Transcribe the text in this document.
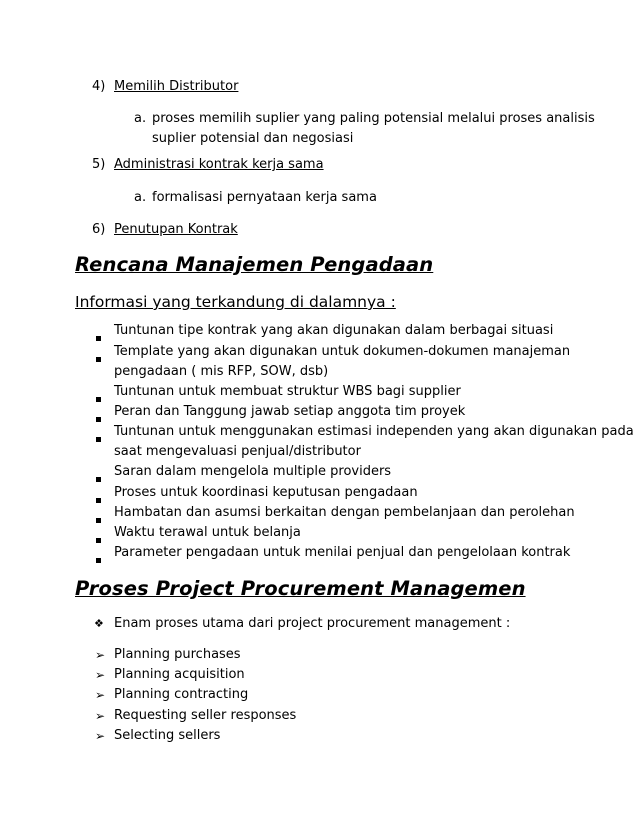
4) Memilih Distributor
a. proses memilih suplier yang paling potensial melalui proses analisis
suplier potensial dan negosiasi
5) Administrasi kontrak kerja sama
a. formalisasi pernyataan kerja sama
6) Penutupan Kontrak
Rencana Manajemen Pengadaan
Informasi yang terkandung di dalamnya :
Tuntunan tipe kontrak yang akan digunakan dalam berbagai situasi
Template yang akan digunakan untuk dokumen-dokumen manajeman
pengadaan ( mis RFP, SOW, dsb)
Tuntunan untuk membuat struktur WBS bagi supplier
Peran dan Tanggung jawab setiap anggota tim proyek
Tuntunan untuk menggunakan estimasi independen yang akan digunakan pada
saat mengevaluasi penjual/distributor
Saran dalam mengelola multiple providers
Proses untuk koordinasi keputusan pengadaan
Hambatan dan asumsi berkaitan dengan pembelanjaan dan perolehan
Waktu terawal untuk belanja
Parameter pengadaan untuk menilai penjual dan pengelolaan kontrak
Proses Project Procurement Managemen
❖ Enam proses utama dari project procurement management :
➢ Planning purchases
➢ Planning acquisition
➢ Planning contracting
➢ Requesting seller responses
➢ Selecting sellers
